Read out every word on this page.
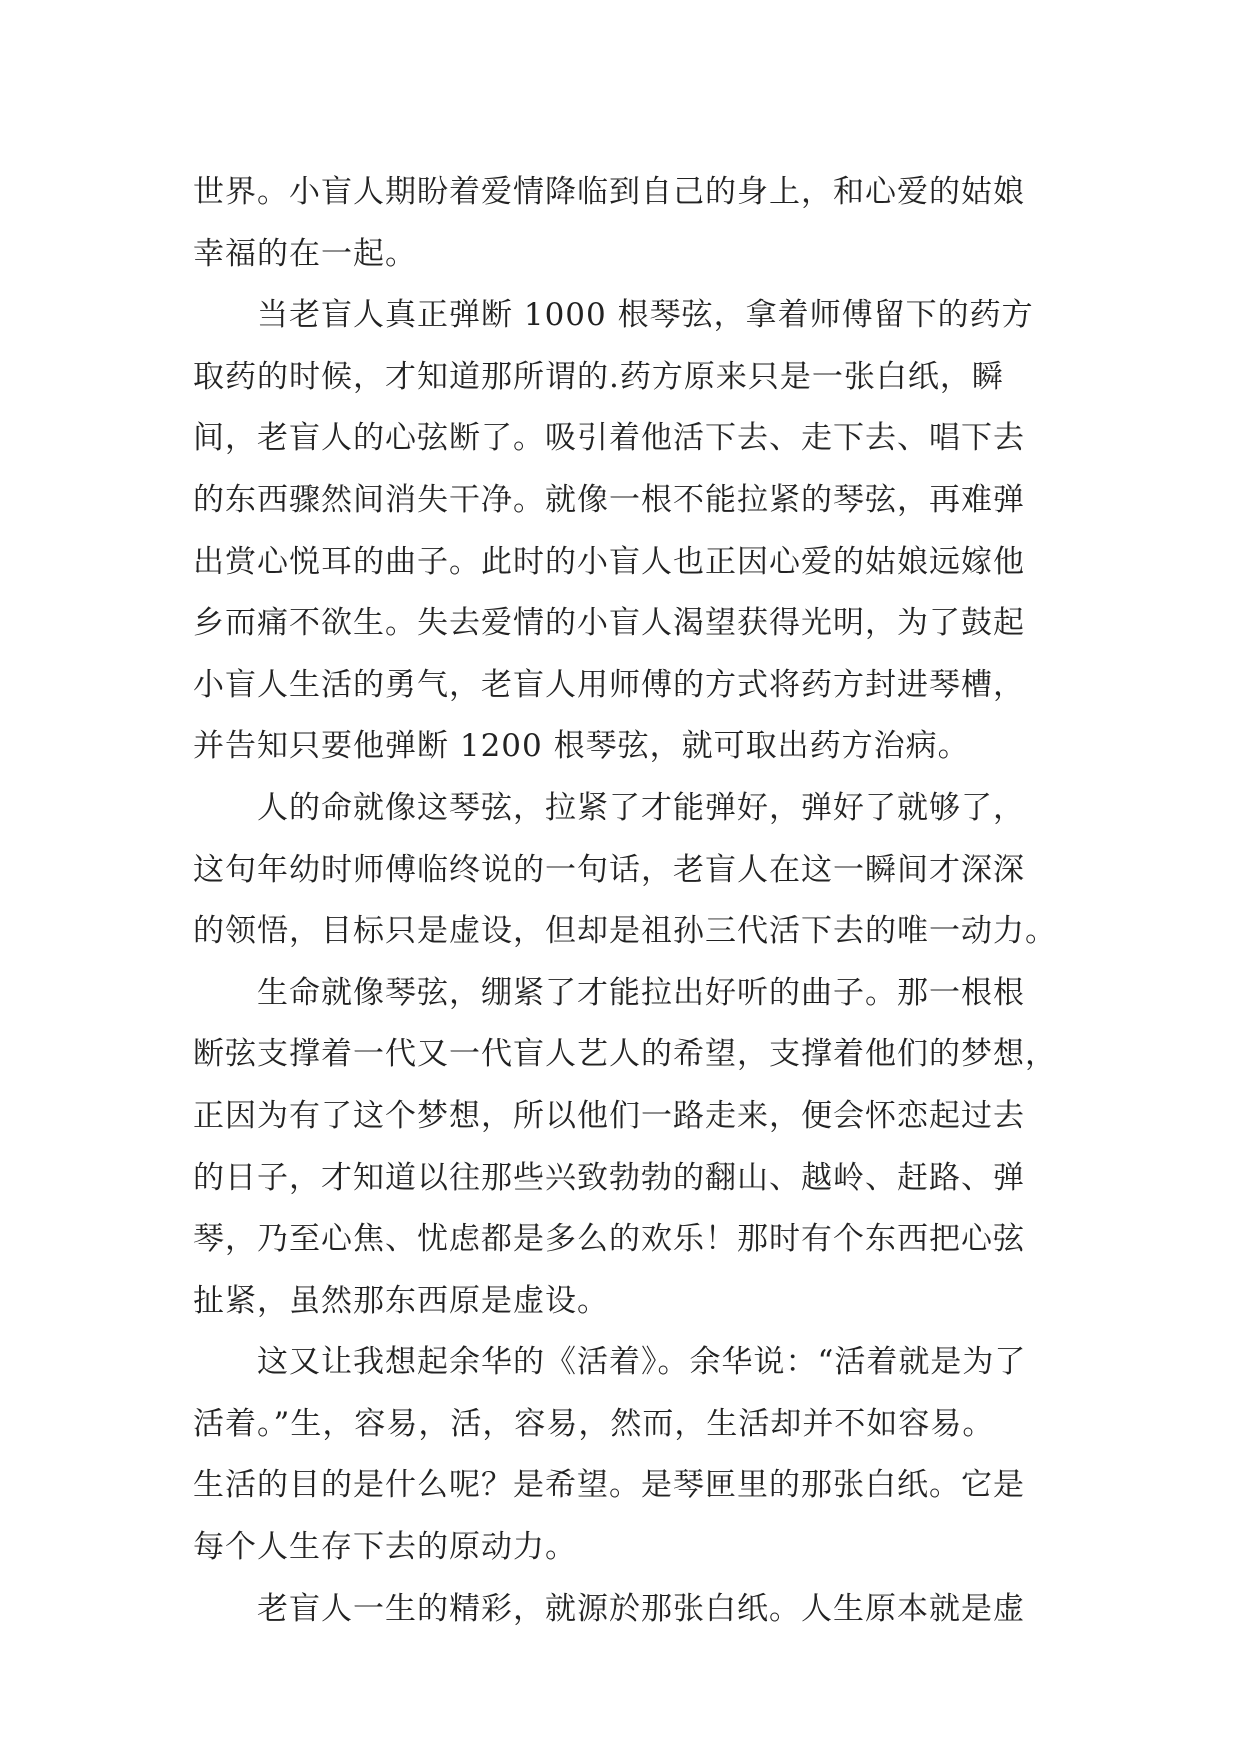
世界。小盲人期盼着爱情降临到自己的身上，和心爱的姑娘
幸福的在一起。
当老盲人真正弹断 1000 根琴弦，拿着师傅留下的药方
取药的时候，才知道那所谓的.药方原来只是一张白纸，瞬
间，老盲人的心弦断了。吸引着他活下去、走下去、唱下去
的东西骤然间消失干净。就像一根不能拉紧的琴弦，再难弹
出赏心悦耳的曲子。此时的小盲人也正因心爱的姑娘远嫁他
乡而痛不欲生。失去爱情的小盲人渴望获得光明，为了鼓起
小盲人生活的勇气，老盲人用师傅的方式将药方封进琴槽，
并告知只要他弹断 1200 根琴弦，就可取出药方治病。
人的命就像这琴弦，拉紧了才能弹好，弹好了就够了，
这句年幼时师傅临终说的一句话，老盲人在这一瞬间才深深
的领悟，目标只是虚设，但却是祖孙三代活下去的唯一动力。
生命就像琴弦，绷紧了才能拉出好听的曲子。那一根根
断弦支撑着一代又一代盲人艺人的希望，支撑着他们的梦想，
正因为有了这个梦想，所以他们一路走来，便会怀恋起过去
的日子，才知道以往那些兴致勃勃的翻山、越岭、赶路、弹
琴，乃至心焦、忧虑都是多么的欢乐！那时有个东西把心弦
扯紧，虽然那东西原是虚设。
这又让我想起余华的《活着》。余华说：“活着就是为了
活着。”生，容易，活，容易，然而，生活却并不如容易。
生活的目的是什么呢？是希望。是琴匣里的那张白纸。它是
每个人生存下去的原动力。
老盲人一生的精彩，就源於那张白纸。人生原本就是虚
